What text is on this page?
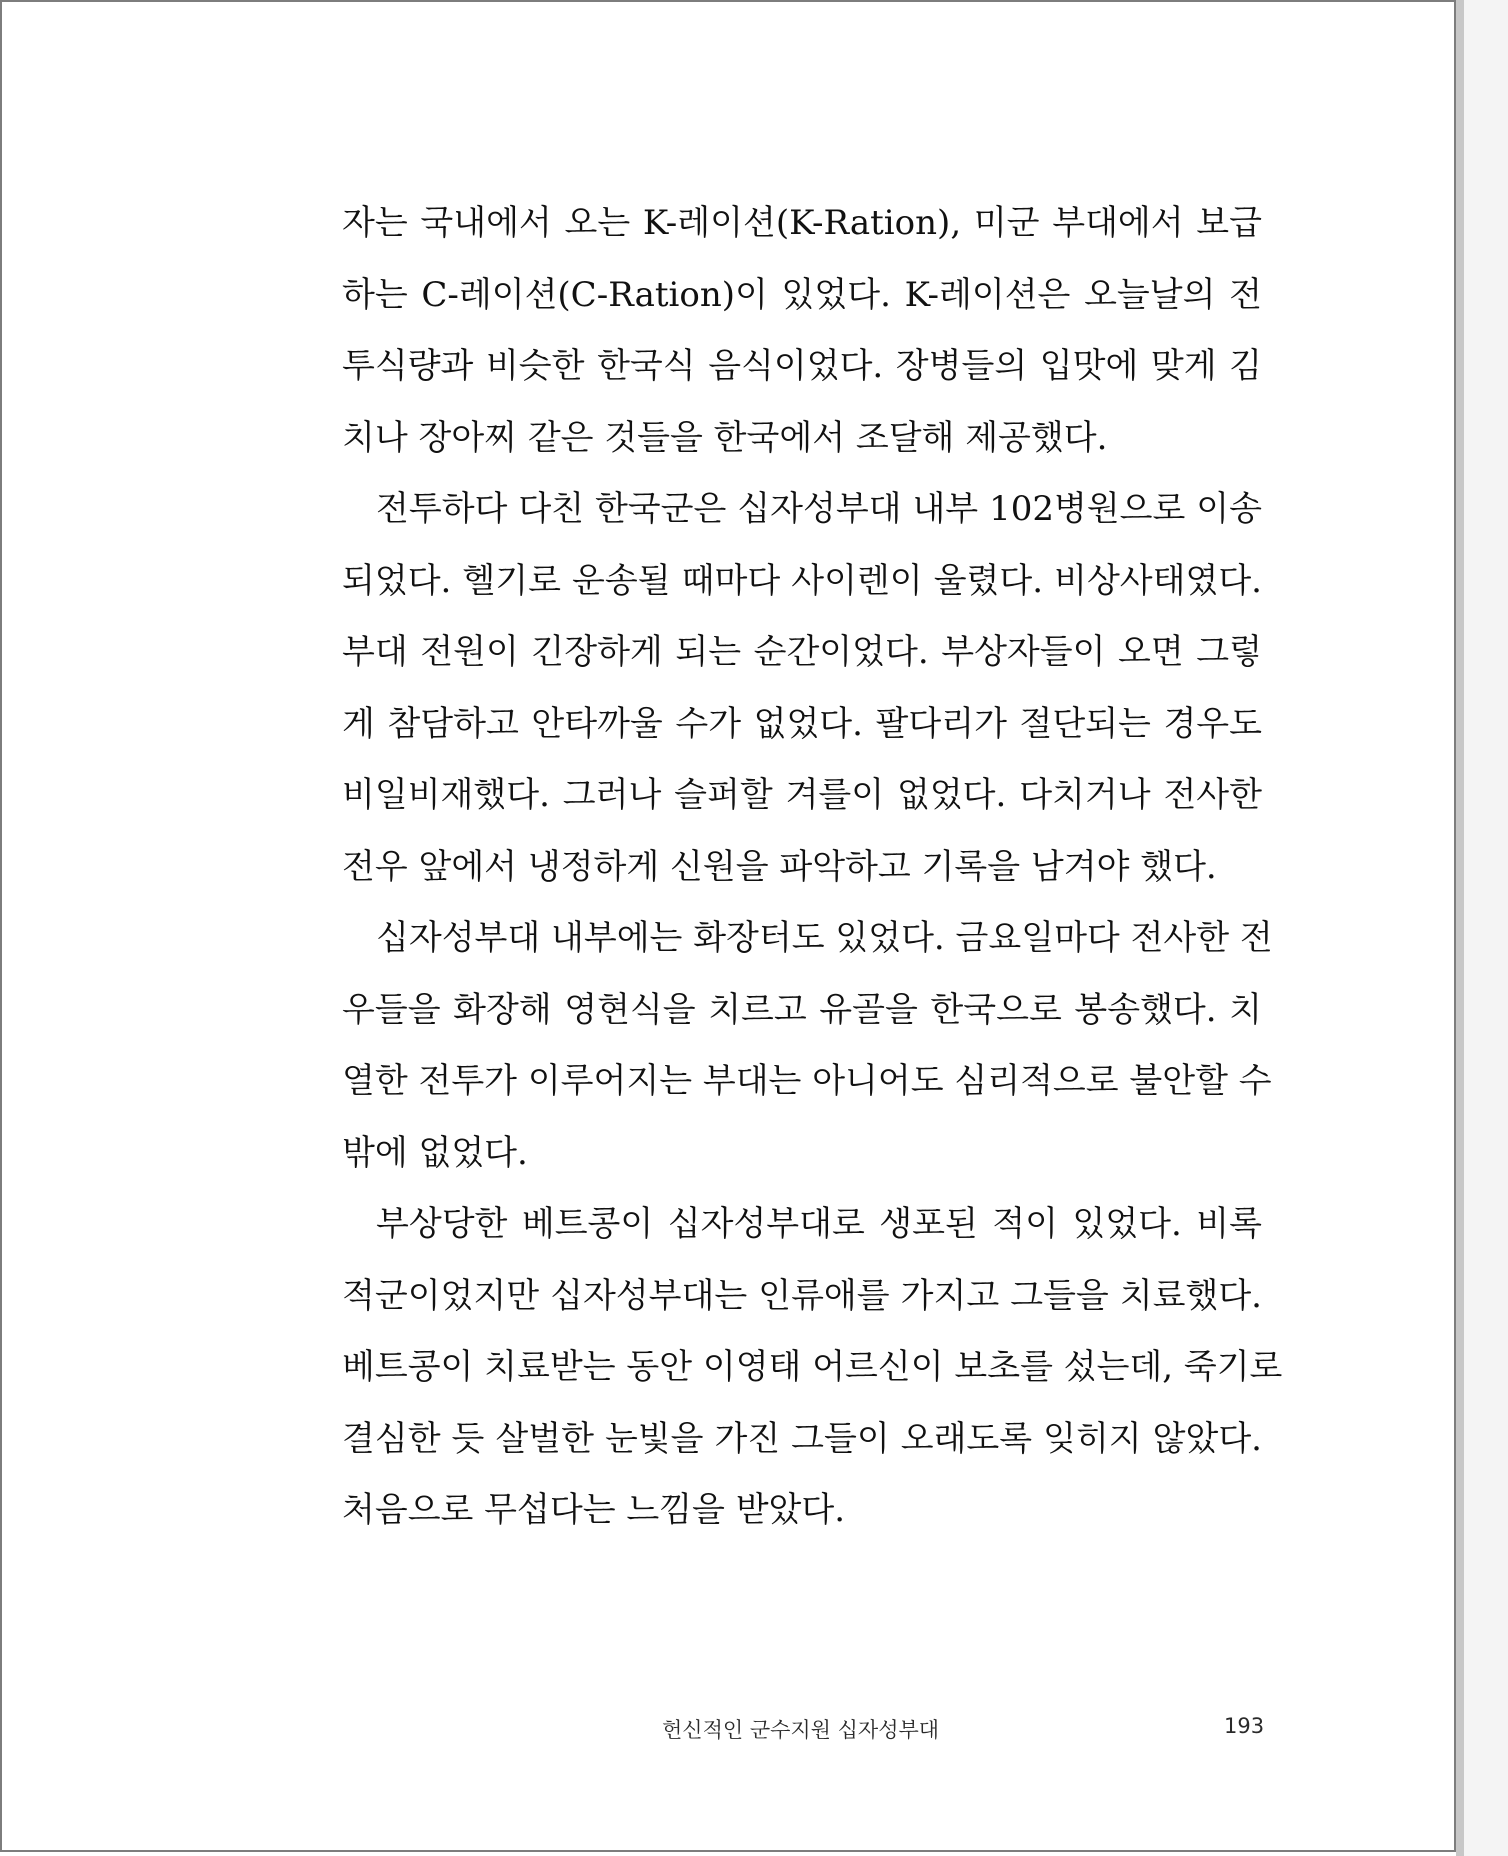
자는 국내에서 오는 K-레이션(K-Ration), 미군 부대에서 보급
하는 C-레이션(C-Ration)이 있었다. K-레이션은 오늘날의 전
투식량과 비슷한 한국식 음식이었다. 장병들의 입맛에 맞게 김
치나 장아찌 같은 것들을 한국에서 조달해 제공했다.
전투하다 다친 한국군은 십자성부대 내부 102병원으로 이송
되었다. 헬기로 운송될 때마다 사이렌이 울렸다. 비상사태였다.
부대 전원이 긴장하게 되는 순간이었다. 부상자들이 오면 그렇
게 참담하고 안타까울 수가 없었다. 팔다리가 절단되는 경우도
비일비재했다. 그러나 슬퍼할 겨를이 없었다. 다치거나 전사한
전우 앞에서 냉정하게 신원을 파악하고 기록을 남겨야 했다.
십자성부대 내부에는 화장터도 있었다. 금요일마다 전사한 전
우들을 화장해 영현식을 치르고 유골을 한국으로 봉송했다. 치
열한 전투가 이루어지는 부대는 아니어도 심리적으로 불안할 수
밖에 없었다.
부상당한 베트콩이 십자성부대로 생포된 적이 있었다. 비록
적군이었지만 십자성부대는 인류애를 가지고 그들을 치료했다.
베트콩이 치료받는 동안 이영태 어르신이 보초를 섰는데, 죽기로
결심한 듯 살벌한 눈빛을 가진 그들이 오래도록 잊히지 않았다.
처음으로 무섭다는 느낌을 받았다.
헌신적인 군수지원 십자성부대	193
